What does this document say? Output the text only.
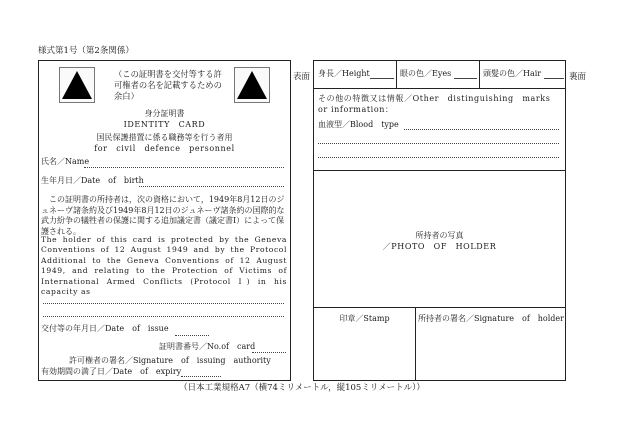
様式第1号（第2条関係）
（この証明書を交付等する許可権者の名を記載するための余白）
身分証明書
IDENTITY　CARD
国民保護措置に係る職務等を行う者用
for　civil　defence　personnel
氏名／Name
生年月日／Date　of　birth
この証明書の所持者は，次の資格において，1949年8月12日のジュネーヴ諸条約及び1949年8月12日のジュネーヴ諸条約の国際的な武力紛争の犠牲者の保護に関する追加議定書（議定書Ⅰ）によって保護される。
The holder of this card is protected by the Geneva Conventions of 12 August 1949 and by the Protocol Additional to the Geneva Conventions of 12 August 1949, and relating to the Protection of Victims of International Armed Conflicts (Protocol Ⅰ) in his capacity as
交付等の年月日／Date　of　issue
証明書番号／No.of　card
許可権者の署名／Signature　of　issuing　authority
有効期間の満了日／Date　of　expiry
表面 身長／Height	眼の色／Eyes	頭髪の色／Hair
その他の特徴又は情報／Other　distinguishing　marks　or information：
血液型／Blood　type
所持者の写真
／PHOTO　OF　HOLDER
印章／Stamp	所持者の署名／Signature　of　holder
裏面
（日本工業規格A7（横74ミリメートル，縦105ミリメートル））
